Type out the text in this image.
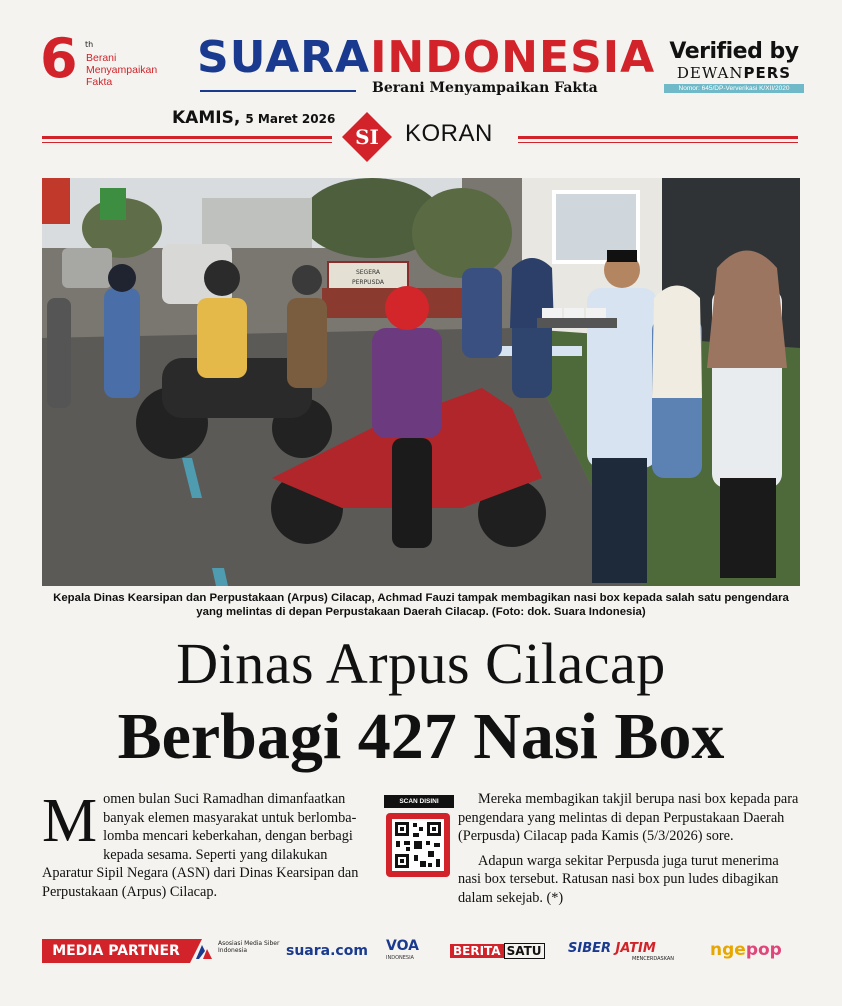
6 th
Berani Menyampaikan Fakta	SUARAINDONESIA
Berani Menyampaikan Fakta
Verified by
DEWANPERS
Nomor: 645/DP-Ververikasi K/XII/2020
KAMIS, 5 Maret 2026
SI	KORAN
SEGERA
PERPUSDA
Kepala Dinas Kearsipan dan Perpustakaan (Arpus) Cilacap, Achmad Fauzi tampak membagikan nasi box kepada salah satu pengendara yang melintas di depan Perpustakaan Daerah Cilacap. (Foto: dok. Suara Indonesia)
Dinas Arpus Cilacap
Berbagi 427 Nasi Box
M omen bulan Suci Ramadhan dimanfaatkan banyak elemen masyarakat untuk berlomba-lomba mencari keberkahan, dengan berbagi kepada sesama. Seperti yang dilakukan Aparatur Sipil Negara (ASN) dari Dinas Kearsipan dan Perpustakaan (Arpus) Cilacap.

SCAN DISINI	Mereka membagikan takjil berupa nasi box kepada para pengendara yang melintas di depan Perpustakaan Daerah (Perpusda) Cilacap pada Kamis (5/3/2026) sore.

Adapun warga sekitar Perpusda juga turut menerima nasi box tersebut. Ratusan nasi box pun ludes dibagikan dalam sekejab. (*)

MEDIA PARTNER	Asosiasi Media Siber Indonesia	suara.com VOA
INDONESIA	BERITA SATU SIBER JATIM
MENCERDASKAN ngepop
